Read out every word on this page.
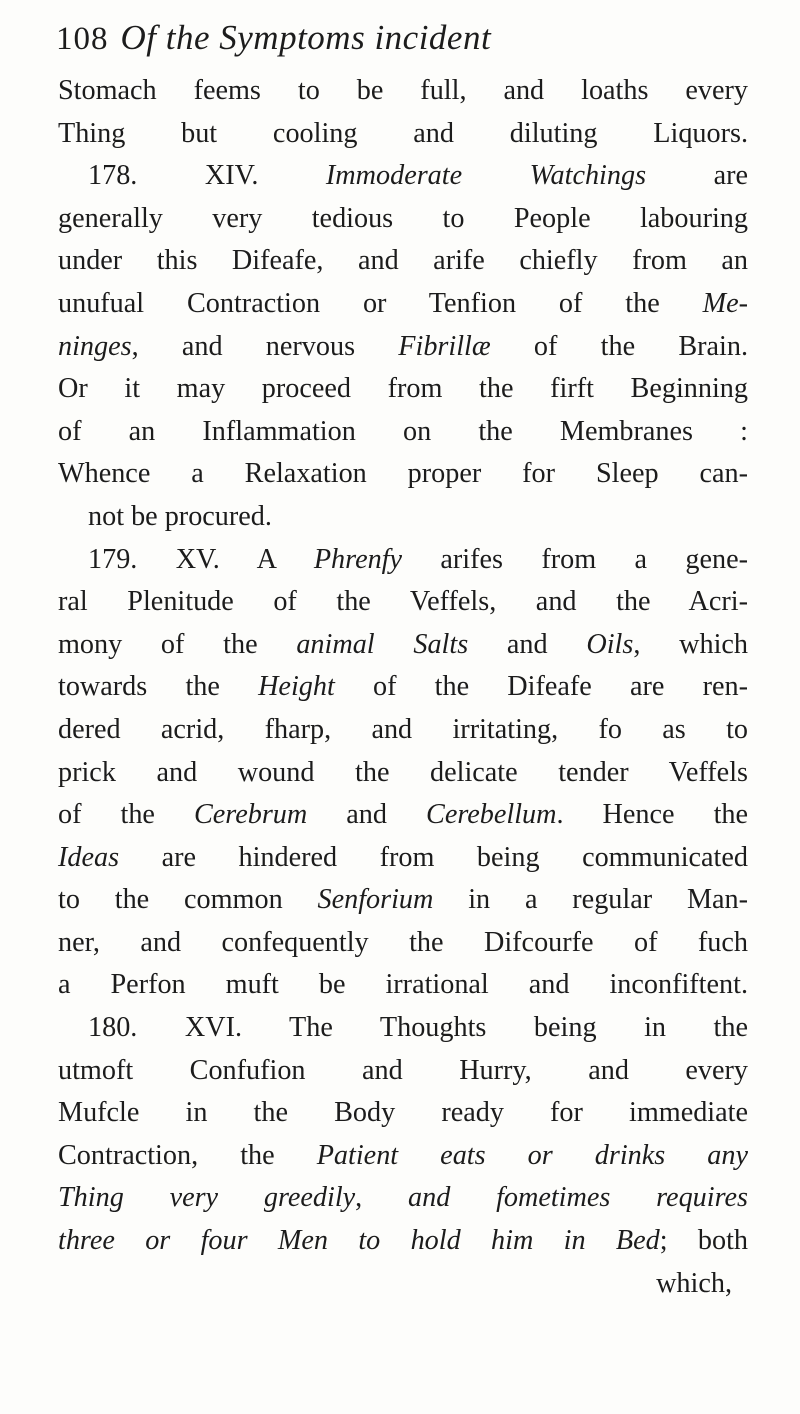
108 Of the Symptoms incident
Stomach feems to be full, and loaths every
Thing but cooling and diluting Liquors.
178. XIV. Immoderate Watchings are
generally very tedious to People labouring
under this Difeafe, and arife chiefly from an
unufual Contraction or Tenfion of the Me-
ninges, and nervous Fibrillæ of the Brain.
Or it may proceed from the firft Beginning
of an Inflammation on the Membranes :
Whence a Relaxation proper for Sleep can-
not be procured.
179. XV. A Phrenfy arifes from a gene-
ral Plenitude of the Veffels, and the Acri-
mony of the animal Salts and Oils, which
towards the Height of the Difeafe are ren-
dered acrid, fharp, and irritating, fo as to
prick and wound the delicate tender Veffels
of the Cerebrum and Cerebellum. Hence the
Ideas are hindered from being communicated
to the common Senforium in a regular Man-
ner, and confequently the Difcourfe of fuch
a Perfon muft be irrational and inconfiftent.
180. XVI. The Thoughts being in the
utmoft Confufion and Hurry, and every
Mufcle in the Body ready for immediate
Contraction, the Patient eats or drinks any
Thing very greedily, and fometimes requires
three or four Men to hold him in Bed; both
which,
